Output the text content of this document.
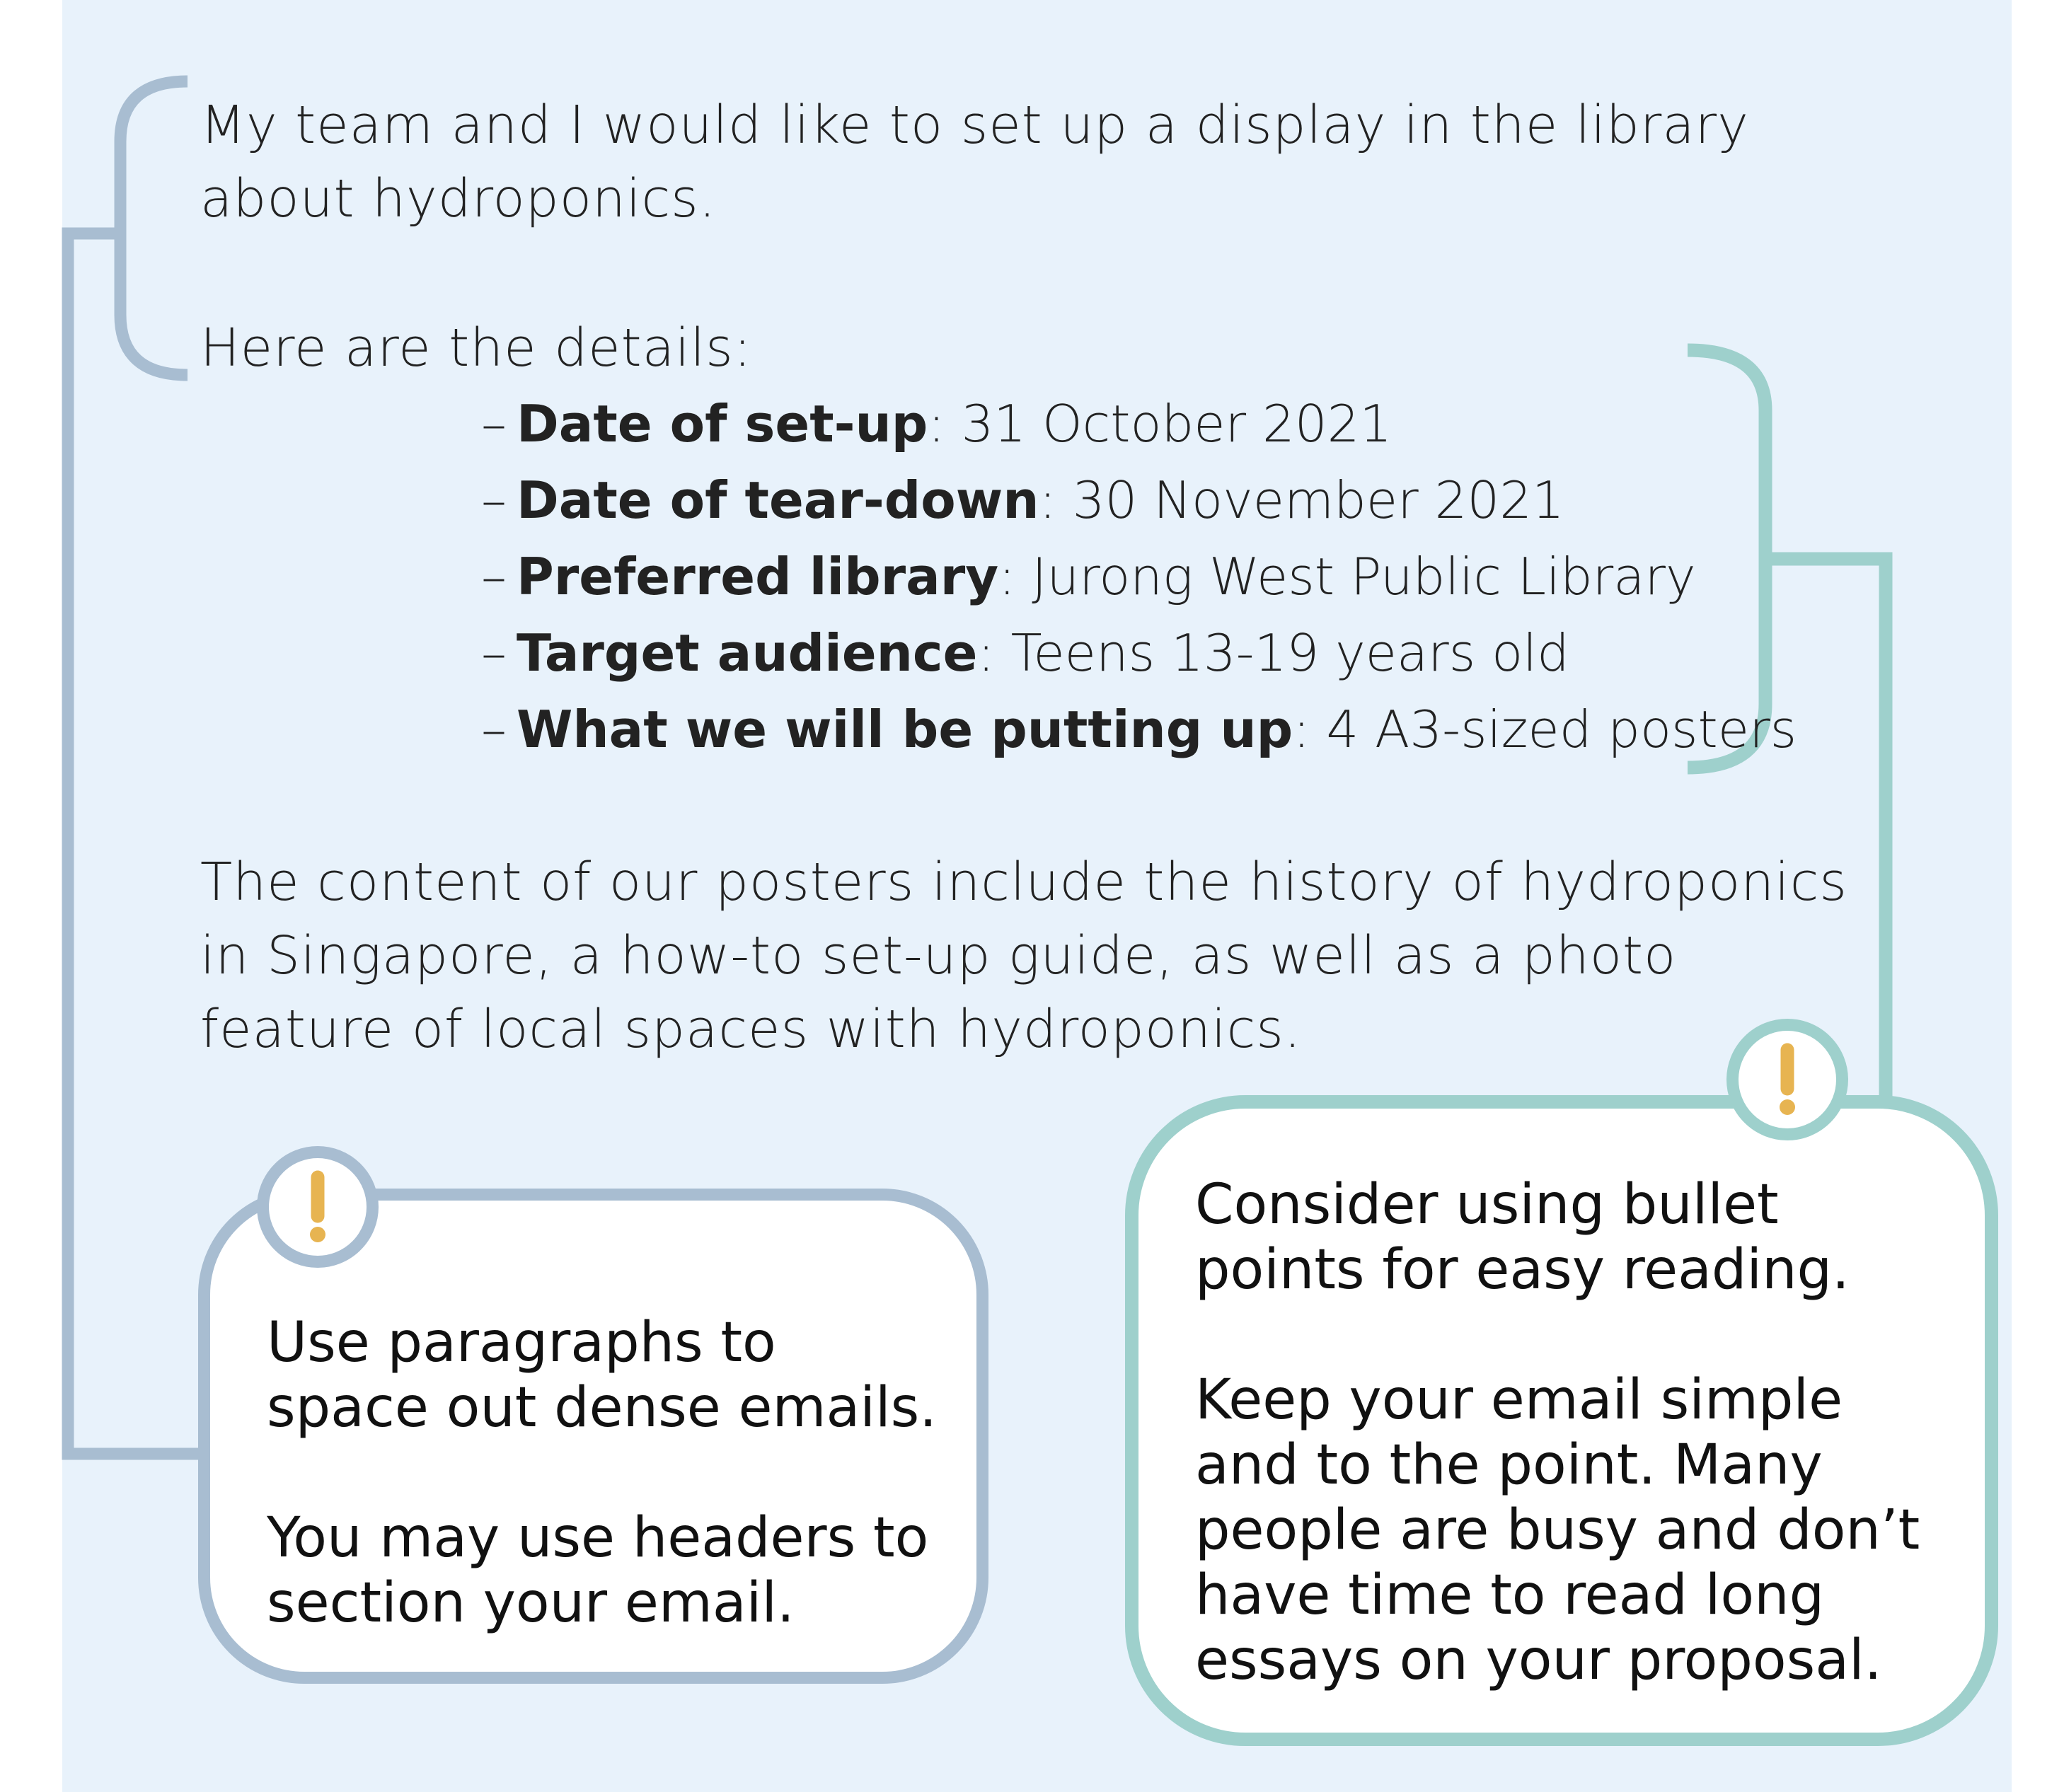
My team and I would like to set up a display in the library about hydroponics.
Here are the details:
– Date of set-up: 31 October 2021
– Date of tear-down: 30 November 2021
– Preferred library: Jurong West Public Library
– Target audience: Teens 13-19 years old
– What we will be putting up: 4 A3-sized posters
The content of our posters include the history of hydroponics in Singapore, a how-to set-up guide, as well as a photo feature of local spaces with hydroponics.

Use paragraphs to space out dense emails.

You may use headers to section your email.

Consider using bullet points for easy reading.

Keep your email simple and to the point. Many people are busy and don’t have time to read long essays on your proposal.
